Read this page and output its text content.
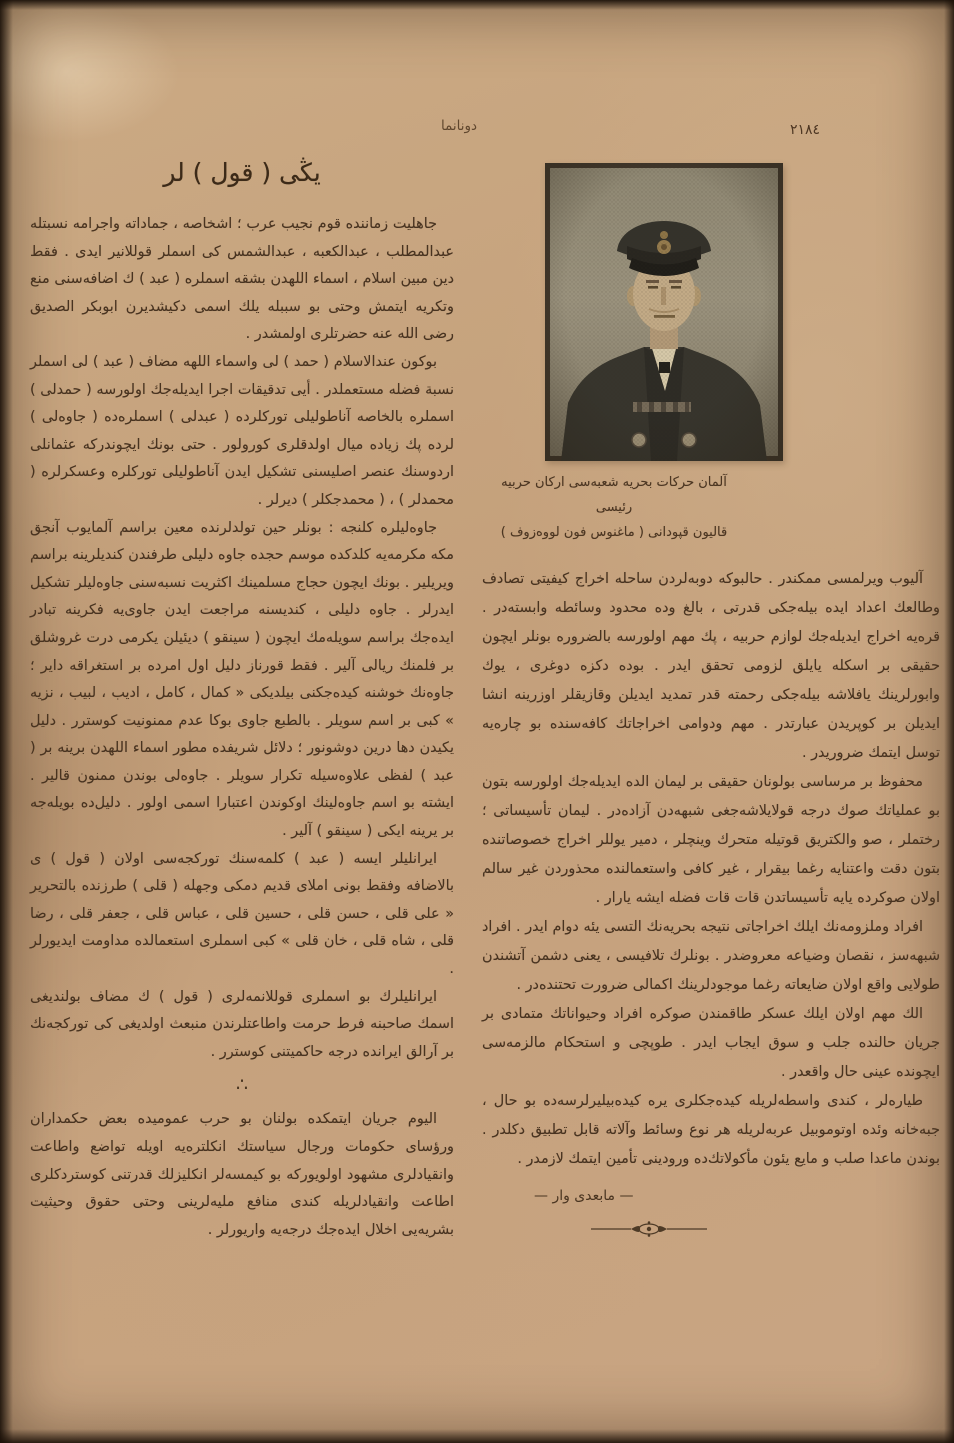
دونانما	٢١٨٤
يڭى ( قول ) لر

جاهليت زماننده قوم نجيب عرب ؛ اشخاصه ، جماداته واجرامه نسبتله عبدالمطلب ، عبدالكعبه ، عبدالشمس كى اسملر قوللانير ايدى . فقط دين مبين اسلام ، اسماء اللهدن بشقه اسملره ( عبد ) ك اضافه‌سنى منع وتكريه ايتمش وحتى بو سببله يلك اسمى دكيشديرن ابوبكر الصديق رضى الله عنه حضرتلرى اولمشدر .

بوكون عندالاسلام ( حمد ) لى واسماء اللهه مضاف ( عبد ) لى اسملر نسبة فضله مستعملدر . أيى تدقيقات اجرا ايديله‌جك اولورسه ( حمدلى ) اسملره بالخاصه آناطوليلى توركلرده ( عبدلى ) اسملره‌ده ( جاوه‌لى ) لرده پك زياده ميال اولدقلرى كورولور . حتى بونك ايچوندركه عثمانلى اردوسنك عنصر اصليسنى تشكيل ايدن آناطوليلى توركلره وعسكرلره ( محمدلر ) ، ( محمدجكلر ) ديرلر .

جاوه‌ليلره كلنجه : بونلر حين تولدلرنده معين براسم آلمايوب آنجق مكه مكرمه‌يه كلدكده موسم حجده جاوه دليلى طرفندن كنديلرينه براسم ويريلير . بونك ايچون حجاج مسلمينك اكثريت نسبه‌سنى جاوه‌ليلر تشكيل ايدرلر . جاوه دليلى ، كنديسنه مراجعت ايدن جاوى‌يه فكرينه تبادر ايده‌جك براسم سويله‌مك ايچون ( سينقو ) ديئيلن يكرمى درت غروشلق بر فلمنك ريالى آلير . فقط قورناز دليل اول امرده بر استغراقه داير ؛ جاوه‌نك خوشنه كيده‌جكنى بيلديكى « كمال ، كامل ، اديب ، لبيب ، نزيه » كبى بر اسم سويلر . بالطبع جاوى بوكا عدم ممنونيت كوسترر . دليل يكيدن دها درين دوشونور ؛ دلائل شريفده مطور اسماء اللهدن برينه بر ( عبد ) لفظى علاوه‌سيله تكرار سويلر . جاوه‌لى بوندن ممنون قالير . ايشته بو اسم جاوه‌لينك اوكوندن اعتبارا اسمى اولور . دليل‌ده بويله‌جه بر يرينه ايكى ( سينقو ) آلير .

ايرانليلر ايسه ( عبد ) كلمه‌سنك توركجه‌سى اولان ( قول ) ى بالاضافه وفقط بونى املاى قديم دمكى وجهله ( قلى ) طرزنده بالتحرير « على قلى ، حسن قلى ، حسين قلى ، عباس قلى ، جعفر قلى ، رضا قلى ، شاه قلى ، خان قلى » كبى اسملرى استعمالده مداومت ايديورلر .

ايرانليلرك بو اسملرى قوللانمه‌لرى ( قول ) ك مضاف بولنديغى اسمك صاحبنه فرط حرمت واطاعتلرندن منبعث اولديغى كى توركجه‌نك بر آرالق ايرانده درجه حاكميتنى كوسترر .

∴

اليوم جريان ايتمكده بولنان بو حرب عموميده بعض حكمداران ورؤساى حكومات ورجال سياستك انكلتره‌يه اويله تواضع واطاعت وانقيادلرى مشهود اولويوركه بو كيمسه‌لر انكليزلك قدرتنى كوستردكلرى اطاعت وانقيادلريله كندى منافع مليه‌لرينى وحتى حقوق وحيثيت بشريه‌يى اخلال ايده‌جك درجه‌يه واريورلر .

آلمان حركات بحريه شعبه‌سى اركان حربيه رئيسى
قاليون قپودانى ( ماغنوس فون لووه‌زوف )

آليوب ويرلمسى ممكندر . حالبوكه دوبه‌لردن ساحله اخراج كيفيتى تصادف وطالعك اعداد ايده بيله‌جكى قدرتى ، بالغ وده محدود وسائطه وابسته‌در . قره‌يه اخراج ايديله‌جك لوازم حربيه ، پك مهم اولورسه بالضروره بونلر ايچون حقيقى بر اسكله يايلق لزومى تحقق ايدر . بوده دكزه دوغرى ، يوك وابورلرينك يافلاشه بيله‌جكى رحمته قدر تمديد ايديلن وقازيقلر اوزرينه انشا ايديلن بر كوپريدن عبارتدر . مهم ودوامى اخراجاتك كافه‌سنده بو چاره‌يه توسل ايتمك ضروريدر .

محفوظ بر مرساسى بولونان حقيقى بر ليمان الده ايديله‌جك اولورسه بتون بو عملياتك صوك درجه قولايلاشه‌جغى شبهه‌دن آزاده‌در . ليمان تأسيساتى ؛ رختملر ، صو والكتريق قوتيله متحرك وينچلر ، دمير يوللر اخراج خصوصاتنده بتون دقت واعتنايه رغما بيقرار ، غير كافى واستعمالنده محذوردن غير سالم اولان صوكرده يايه تأسيساتدن قات قات فضله ايشه يارار .

افراد وملزومه‌نك ايلك اخراجاتى نتيجه بحريه‌نك التسى يئه دوام ايدر . افراد شبهه‌سز ، نقصان وضياعه معروضدر . بونلرك تلافيسى ، يعنى دشمن آتشندن طولايى واقع اولان ضايعاته رغما موجودلرينك اكمالى ضرورت تحتنده‌در .

الك مهم اولان ايلك عسكر طاقمندن صوكره افراد وحيواناتك متمادى بر جريان حالنده جلب و سوق ايجاب ايدر . طوپچى و استحكام مالزمه‌سى ايچونده عينى حال واقعدر .

طياره‌لر ، كندى واسطه‌لريله كيده‌جكلرى يره كيده‌بيليرلرسه‌ده بو حال ، جبه‌خانه وئده اوتوموبيل عربه‌لريله هر نوع وسائط وآلاته قابل تطبيق دكلدر . بوندن ماعدا صلب و مايع يئون مأكولاتك‌ده ورودينى تأمين ايتمك لازمدر .

— مابعدى وار —
